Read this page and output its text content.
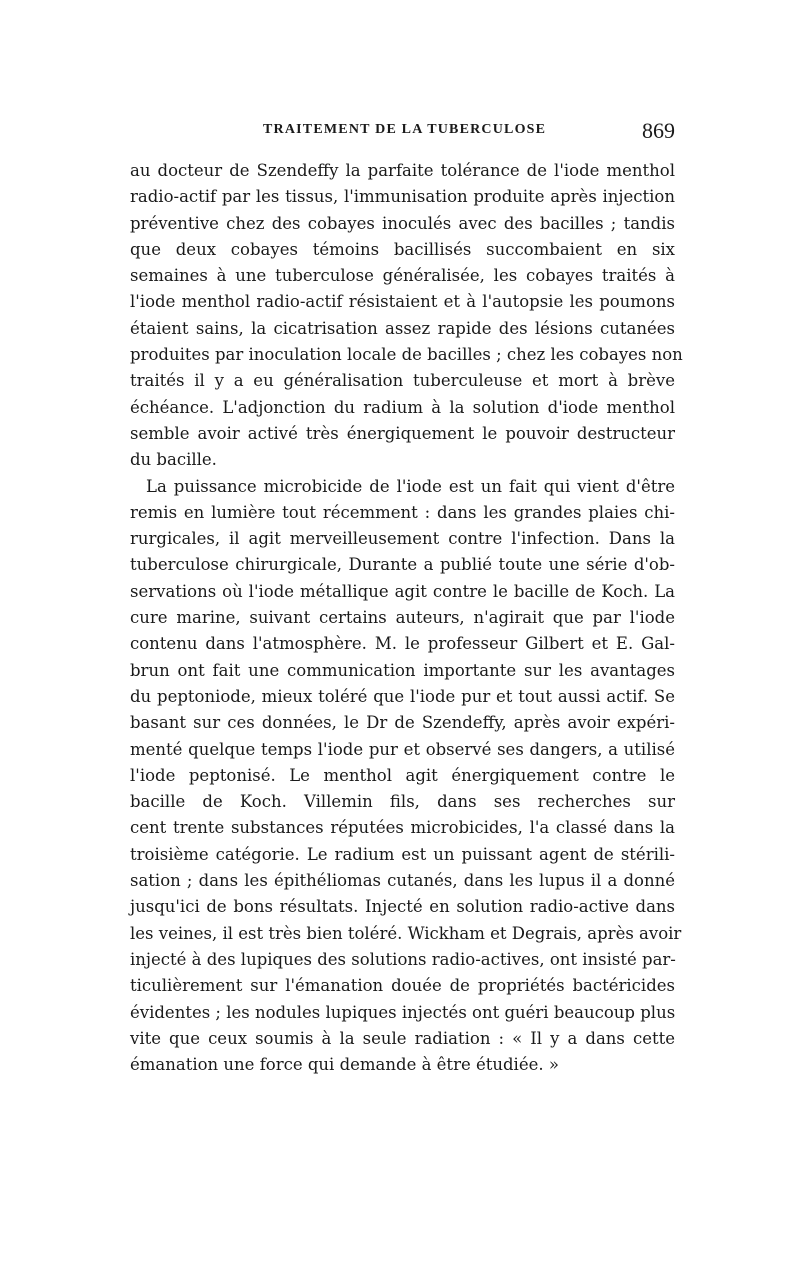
TRAITEMENT DE LA TUBERCULOSE	869
au docteur de Szendeffy la parfaite tolérance de l'iode menthol
radio-actif par les tissus, l'immunisation produite après injection
préventive chez des cobayes inoculés avec des bacilles ; tandis
que deux cobayes témoins bacillisés succombaient en six
semaines à une tuberculose généralisée, les cobayes traités à
l'iode menthol radio-actif résistaient et à l'autopsie les poumons
étaient sains, la cicatrisation assez rapide des lésions cutanées
produites par inoculation locale de bacilles ; chez les cobayes non
traités il y a eu généralisation tuberculeuse et mort à brève
échéance. L'adjonction du radium à la solution d'iode menthol
semble avoir activé très énergiquement le pouvoir destructeur
du bacille.
La puissance microbicide de l'iode est un fait qui vient d'être
remis en lumière tout récemment : dans les grandes plaies chi-
rurgicales, il agit merveilleusement contre l'infection. Dans la
tuberculose chirurgicale, Durante a publié toute une série d'ob-
servations où l'iode métallique agit contre le bacille de Koch. La
cure marine, suivant certains auteurs, n'agirait que par l'iode
contenu dans l'atmosphère. M. le professeur Gilbert et E. Gal-
brun ont fait une communication importante sur les avantages
du peptoniode, mieux toléré que l'iode pur et tout aussi actif. Se
basant sur ces données, le Dr de Szendeffy, après avoir expéri-
menté quelque temps l'iode pur et observé ses dangers, a utilisé
l'iode peptonisé. Le menthol agit énergiquement contre le
bacille de Koch. Villemin fils, dans ses recherches sur
cent trente substances réputées microbicides, l'a classé dans la
troisième catégorie. Le radium est un puissant agent de stérili-
sation ; dans les épithéliomas cutanés, dans les lupus il a donné
jusqu'ici de bons résultats. Injecté en solution radio-active dans
les veines, il est très bien toléré. Wickham et Degrais, après avoir
injecté à des lupiques des solutions radio-actives, ont insisté par-
ticulièrement sur l'émanation douée de propriétés bactéricides
évidentes ; les nodules lupiques injectés ont guéri beaucoup plus
vite que ceux soumis à la seule radiation : « Il y a dans cette
émanation une force qui demande à être étudiée. »
